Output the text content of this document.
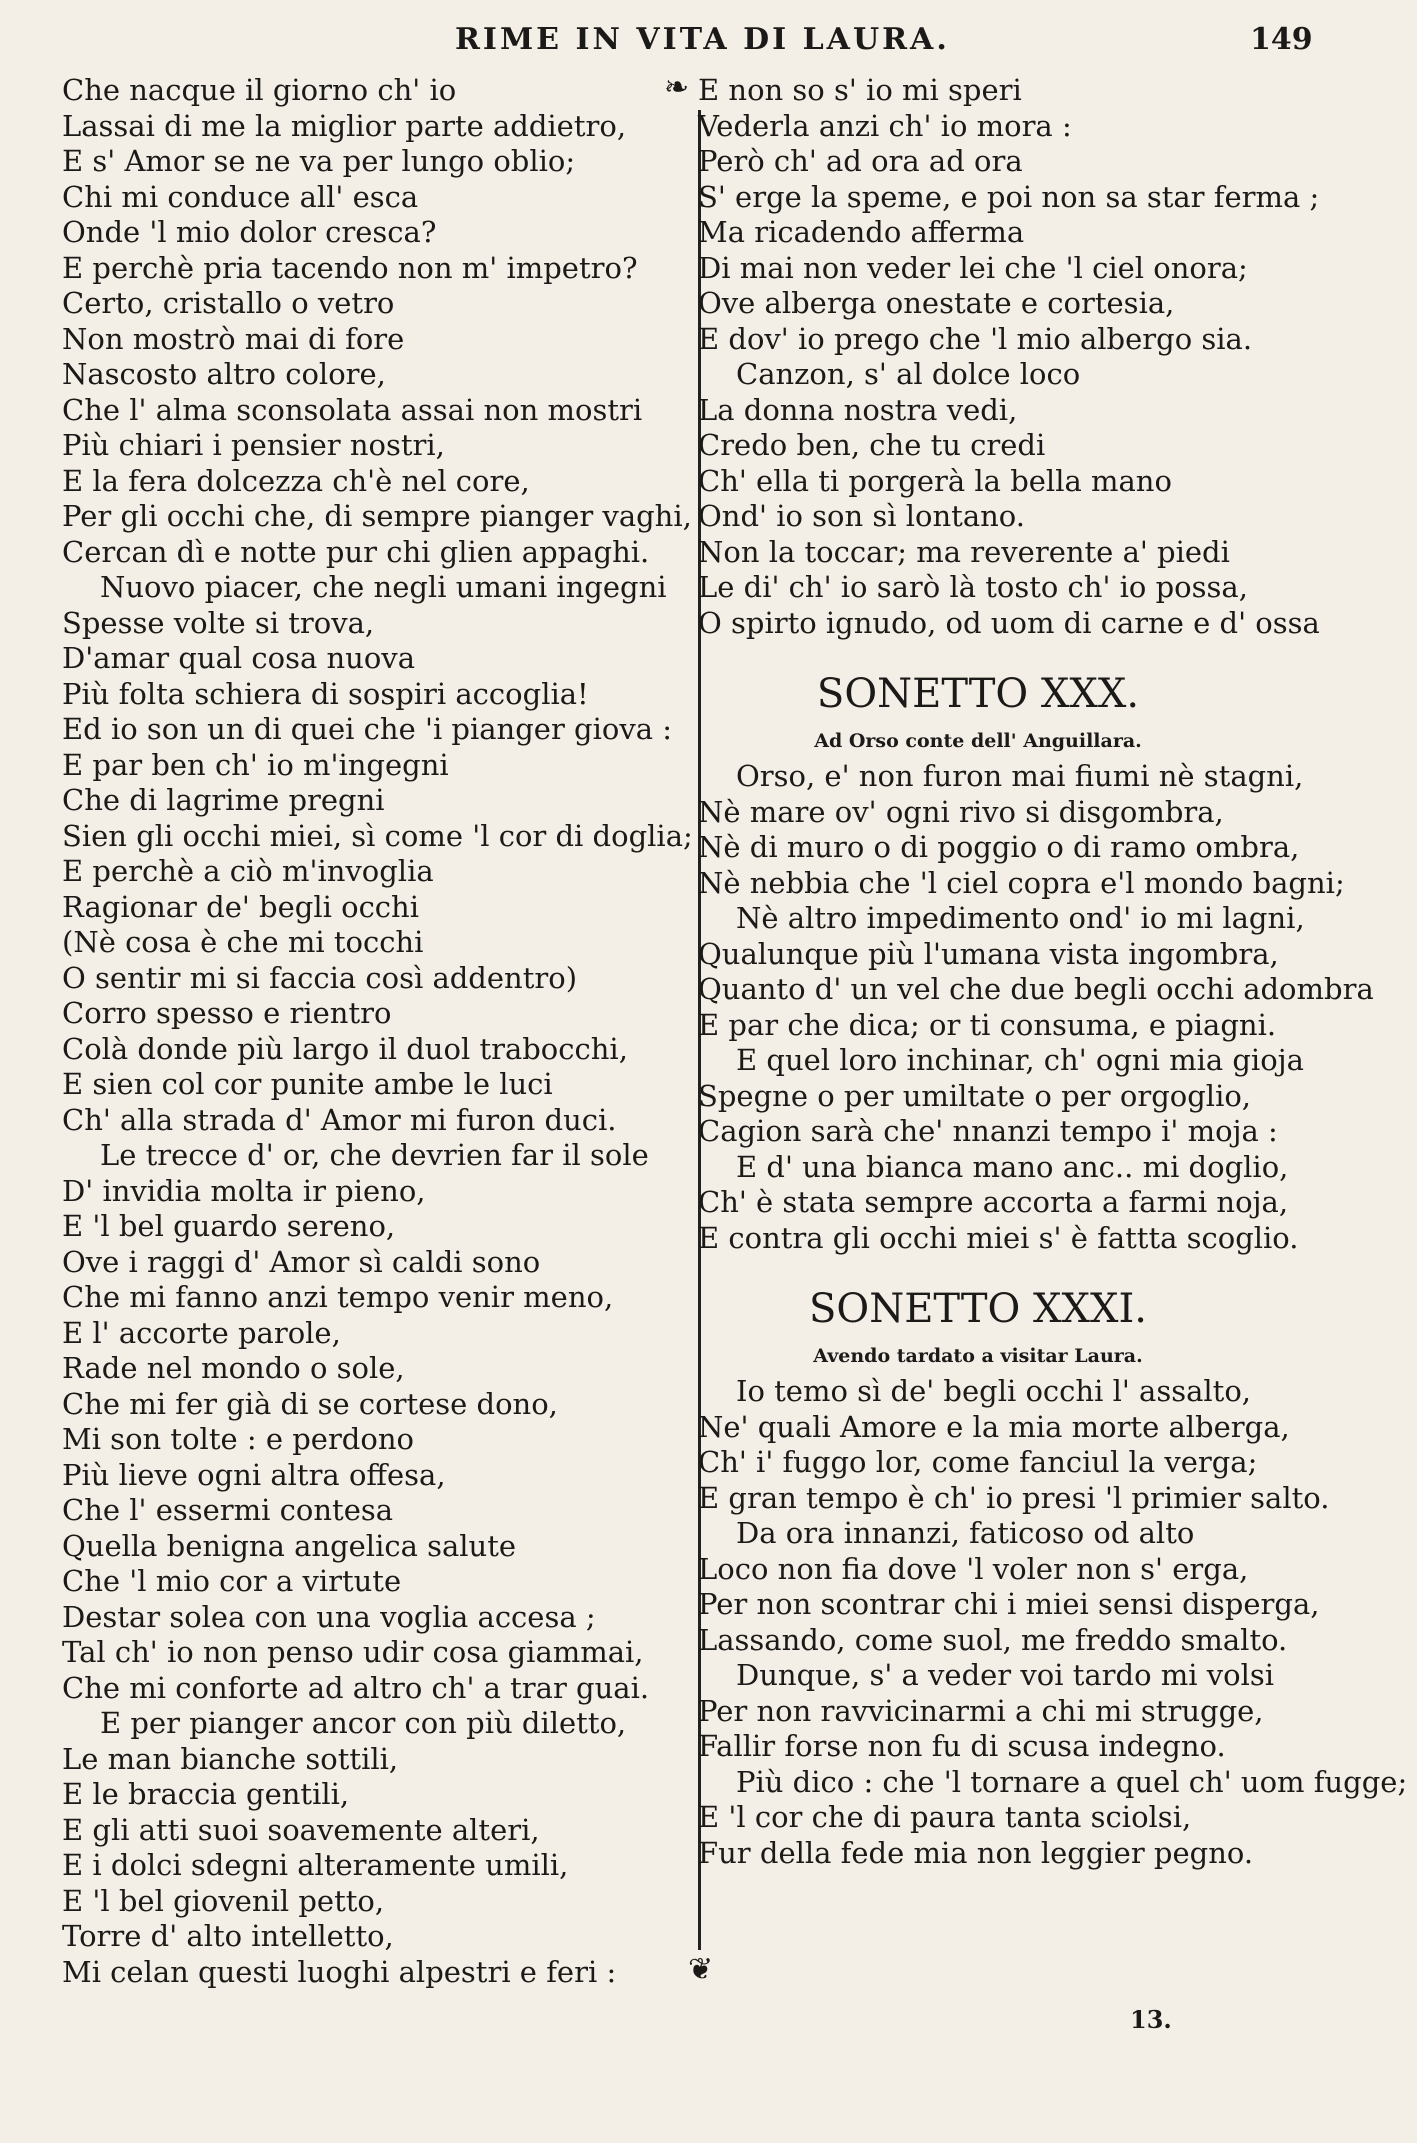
RIME IN VITA DI LAURA.	149
Che nacque il giorno ch' io
Lassai di me la miglior parte addietro,
E s' Amor se ne va per lungo oblio;
Chi mi conduce all' esca
Onde 'l mio dolor cresca?
E perchè pria tacendo non m' impetro?
Certo, cristallo o vetro
Non mostrò mai di fore
Nascosto altro colore,
Che l' alma sconsolata assai non mostri
Più chiari i pensier nostri,
E la fera dolcezza ch'è nel core,
Per gli occhi che, di sempre pianger vaghi,
Cercan dì e notte pur chi glien appaghi.
Nuovo piacer, che negli umani ingegni
Spesse volte si trova,
D'amar qual cosa nuova
Più folta schiera di sospiri accoglia!
Ed io son un di quei che 'i pianger giova :
E par ben ch' io m'ingegni
Che di lagrime pregni
Sien gli occhi miei, sì come 'l cor di doglia;
E perchè a ciò m'invoglia
Ragionar de' begli occhi
(Nè cosa è che mi tocchi
O sentir mi si faccia così addentro)
Corro spesso e rientro
Colà donde più largo il duol trabocchi,
E sien col cor punite ambe le luci
Ch' alla strada d' Amor mi furon duci.
Le trecce d' or, che devrien far il sole
D' invidia molta ir pieno,
E 'l bel guardo sereno,
Ove i raggi d' Amor sì caldi sono
Che mi fanno anzi tempo venir meno,
E l' accorte parole,
Rade nel mondo o sole,
Che mi fer già di se cortese dono,
Mi son tolte : e perdono
Più lieve ogni altra offesa,
Che l' essermi contesa
Quella benigna angelica salute
Che 'l mio cor a virtute
Destar solea con una voglia accesa ;
Tal ch' io non penso udir cosa giammai,
Che mi conforte ad altro ch' a trar guai.
E per pianger ancor con più diletto,
Le man bianche sottili,
E le braccia gentili,
E gli atti suoi soavemente alteri,
E i dolci sdegni alteramente umili,
E 'l bel giovenil petto,
Torre d' alto intelletto,
Mi celan questi luoghi alpestri e feri :
❧
❦
E non so s' io mi speri
Vederla anzi ch' io mora :
Però ch' ad ora ad ora
S' erge la speme, e poi non sa star ferma ;
Ma ricadendo afferma
Di mai non veder lei che 'l ciel onora;
Ove alberga onestate e cortesia,
E dov' io prego che 'l mio albergo sia.
Canzon, s' al dolce loco
La donna nostra vedi,
Credo ben, che tu credi
Ch' ella ti porgerà la bella mano
Ond' io son sì lontano.
Non la toccar; ma reverente a' piedi
Le di' ch' io sarò là tosto ch' io possa,
O spirto ignudo, od uom di carne e d' ossa
SONETTO XXX.
Ad Orso conte dell' Anguillara.
Orso, e' non furon mai fiumi nè stagni,
Nè mare ov' ogni rivo si disgombra,
Nè di muro o di poggio o di ramo ombra,
Nè nebbia che 'l ciel copra e'l mondo bagni;
Nè altro impedimento ond' io mi lagni,
Qualunque più l'umana vista ingombra,
Quanto d' un vel che due begli occhi adombra
E par che dica; or ti consuma, e piagni.
E quel loro inchinar, ch' ogni mia gioja
Spegne o per umiltate o per orgoglio,
Cagion sarà che' nnanzi tempo i' moja :
E d' una bianca mano anc.. mi doglio,
Ch' è stata sempre accorta a farmi noja,
E contra gli occhi miei s' è fattta scoglio.
SONETTO XXXI.
Avendo tardato a visitar Laura.
Io temo sì de' begli occhi l' assalto,
Ne' quali Amore e la mia morte alberga,
Ch' i' fuggo lor, come fanciul la verga;
E gran tempo è ch' io presi 'l primier salto.
Da ora innanzi, faticoso od alto
Loco non fia dove 'l voler non s' erga,
Per non scontrar chi i miei sensi disperga,
Lassando, come suol, me freddo smalto.
Dunque, s' a veder voi tardo mi volsi
Per non ravvicinarmi a chi mi strugge,
Fallir forse non fu di scusa indegno.
Più dico : che 'l tornare a quel ch' uom fugge;
E 'l cor che di paura tanta sciolsi,
Fur della fede mia non leggier pegno.
13.
